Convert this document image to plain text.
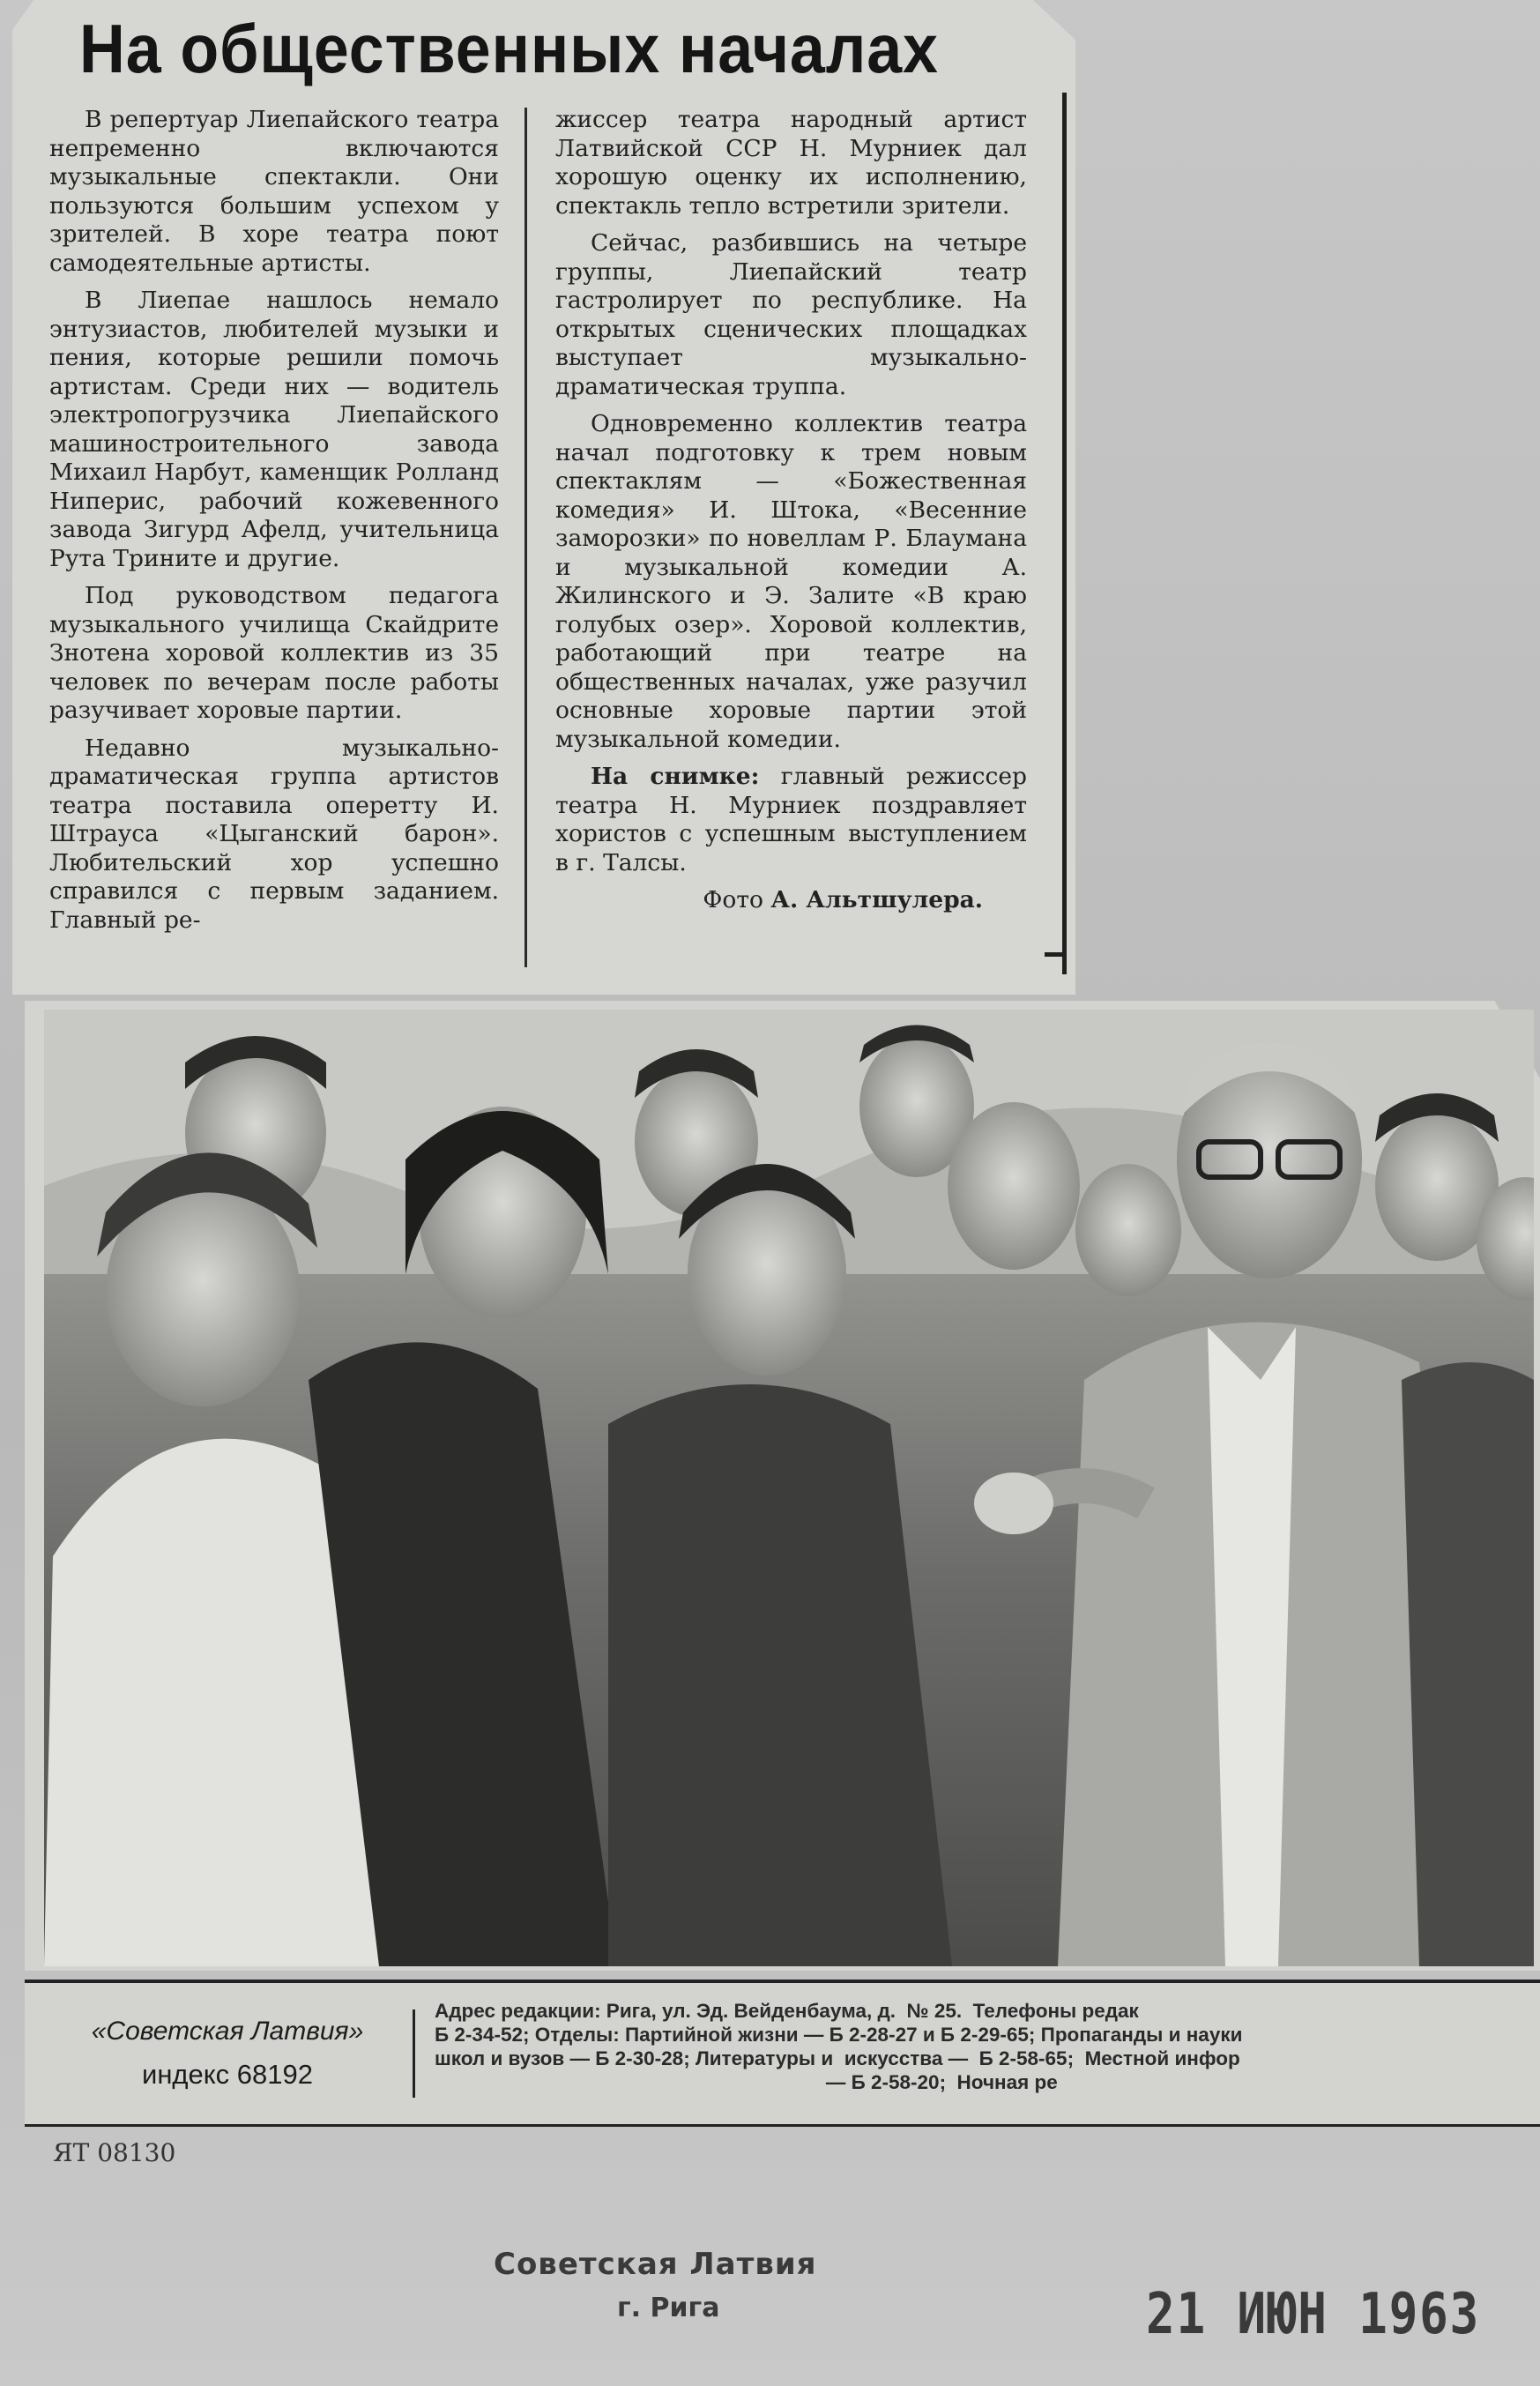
На общественных началах

В репертуар Лиепайского театра непременно включаются музыкальные спектакли. Они пользуются большим успехом у зрителей. В хоре театра поют самодеятельные артисты.

В Лиепае нашлось немало энтузиастов, любителей музыки и пения, которые решили помочь артистам. Среди них — водитель электропогрузчика Лиепайского машиностроительного завода Михаил Нарбут, каменщик Ролланд Ниперис, рабочий кожевенного завода Зигурд Афелд, учительница Рута Трините и другие.

Под руководством педагога музыкального училища Скайдрите Знотена хоровой коллектив из 35 человек по вечерам после работы разучивает хоровые партии.

Недавно музыкально-драматическая группа артистов театра поставила оперетту И. Штрауса «Цыганский барон». Любительский хор успешно справился с первым заданием. Главный ре-

жиссер театра народный артист Латвийской ССР Н. Мурниек дал хорошую оценку их исполнению, спектакль тепло встретили зрители.

Сейчас, разбившись на четыре группы, Лиепайский театр гастролирует по республике. На открытых сценических площадках выступает музыкально-драматическая труппа.

Одновременно коллектив театра начал подготовку к трем новым спектаклям — «Божественная комедия» И. Штока, «Весенние заморозки» по новеллам Р. Блаумана и музыкальной комедии А. Жилинского и Э. Залите «В краю голубых озер». Хоровой коллектив, работающий при театре на общественных началах, уже разучил основные хоровые партии этой музыкальной комедии.

На снимке: главный режиссер театра Н. Мурниек поздравляет хористов с успешным выступлением в г. Талсы.

Фото А. Альтшулера.
«Советская Латвия»
индекс 68192
Адрес редакции: Рига, ул. Эд. Вейденбаума, д.  № 25.  Телефоны редак
Б 2-34-52; Отделы: Партийной жизни — Б 2-28-27 и Б 2-29-65; Пропаганды и науки
школ и вузов — Б 2-30-28; Литературы и  искусства —  Б 2-58-65;  Местной инфор
— Б 2-58-20;  Ночная ре
ЯТ 08130
Советская Латвия
г. Рига	21 ИЮН 1963
